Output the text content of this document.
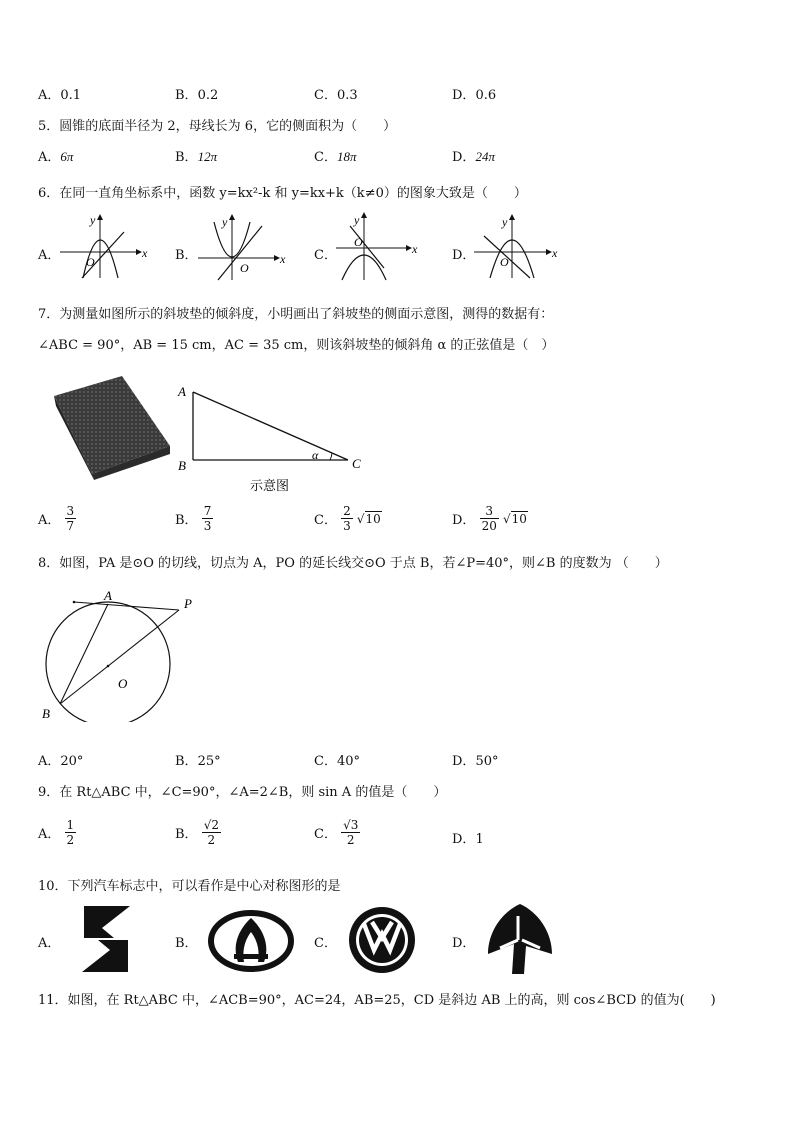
A．0.1	B．0.2	C．0.3	D．0.6
5．圆锥的底面半径为 2，母线长为 6，它的侧面积为（　　）
A．6π	B．12π	C．18π	D．24π
6．在同一直角坐标系中，函数 y=kx²-k 和 y=kx+k（k≠0）的图象大致是（　　）
A．	x
y
O	B．	x
y
O
C．	x
y
O
D．	x
y
O
7．为测量如图所示的斜坡垫的倾斜度，小明画出了斜坡垫的侧面示意图，测得的数据有：
∠ABC = 90°，AB = 15 cm，AC = 35 cm，则该斜坡垫的倾斜角 α 的正弦值是（　）
A
B	C
α
示意图
A． $\frac{3}{7}$	B． $\frac{7}{3}$	C． $\frac{2}{3} √10$	D． $\frac{3}{20} √10$
8．如图，PA 是⊙O 的切线，切点为 A，PO 的延长线交⊙O 于点 B，若∠P=40°，则∠B 的度数为 （　　）
A
P
O
B
A．20°	B．25°	C．40°	D．50°
9．在 Rt△ABC 中，∠C=90°，∠A=2∠B，则 sin A 的值是（　　）
A． $\frac{1}{2}$	B． $\frac{√2}{2}$	C． $\frac{√3}{2}$	D．1
10．下列汽车标志中，可以看作是中心对称图形的是
A．	B．	C．	D．
11．如图，在 Rt△ABC 中，∠ACB=90°，AC=24，AB=25，CD 是斜边 AB 上的高，则 cos∠BCD 的值为(　　)
